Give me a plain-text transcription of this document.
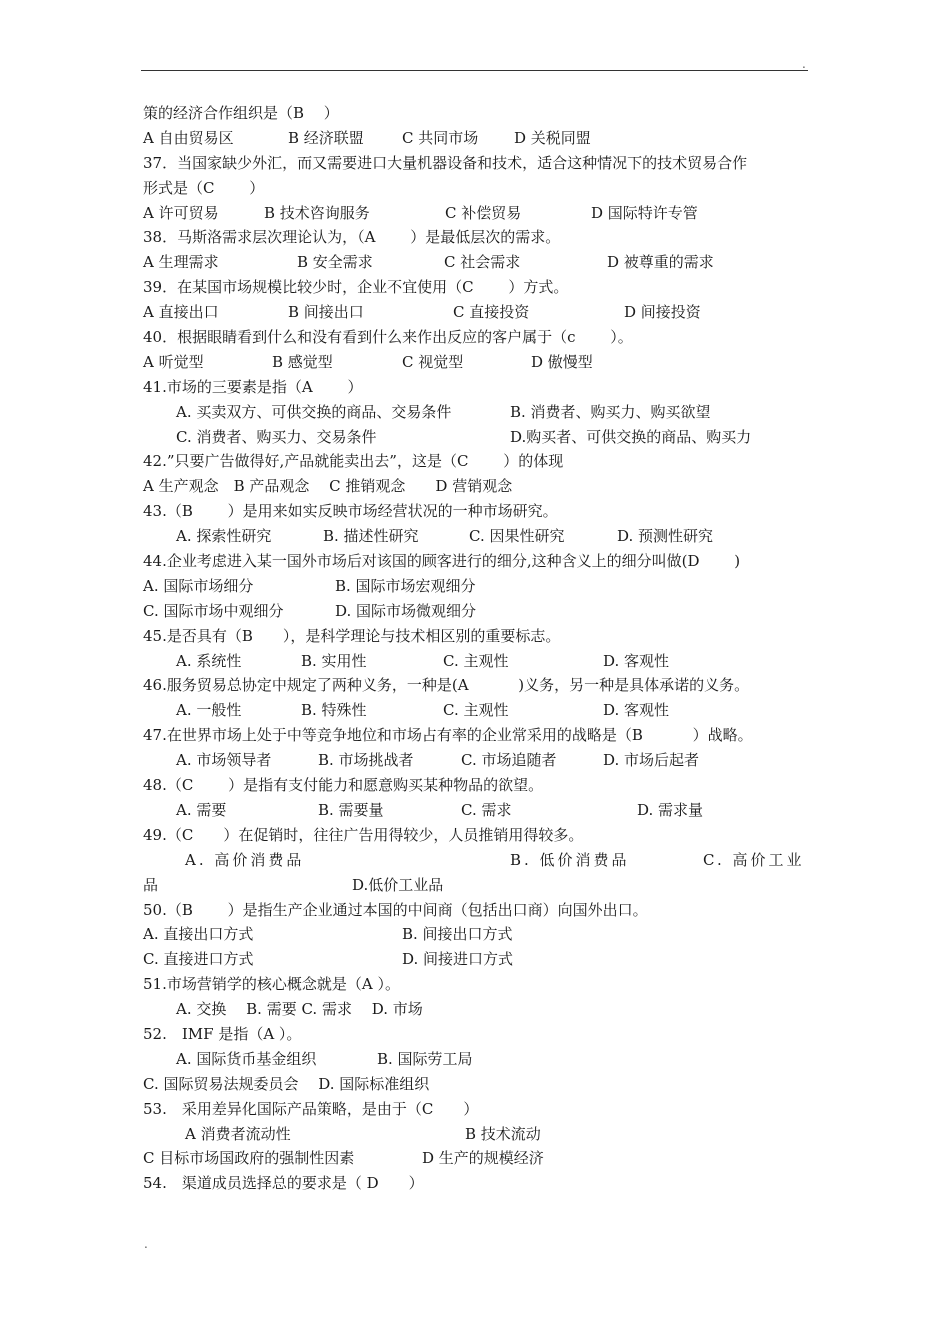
.
策的经济合作组织是（B　 ）
A 自由贸易区	B 经济联盟	C 共同市场 D 关税同盟
37．当国家缺少外汇，而又需要进口大量机器设备和技术，适合这种情况下的技术贸易合作
形式是（C　　 ）
A 许可贸易	B 技术咨询服务	C 补偿贸易	D 国际特许专管
38．马斯洛需求层次理论认为，（A　　 ）是最低层次的需求。
A 生理需求	B 安全需求	C 社会需求	D 被尊重的需求
39．在某国市场规模比较少时，企业不宜使用（C　　 ）方式。
A 直接出口	B 间接出口	C 直接投资	D 间接投资
40．根据眼睛看到什么和没有看到什么来作出反应的客户属于（c　　 ）。
A 听觉型	B 感觉型	C 视觉型	D 傲慢型
41.市场的三要素是指（A　　 ）
A. 买卖双方、可供交换的商品、交易条件	B. 消费者、购买力、购买欲望
C. 消费者、购买力、交易条件	D.购买者、可供交换的商品、购买力
42.”只要广告做得好,产品就能卖出去”，这是（C　　 ）的体现
A 生产观念　B 产品观念　 C 推销观念　　D 营销观念
43.（B　　 ）是用来如实反映市场经营状况的一种市场研究。
A. 探索性研究	B. 描述性研究	C. 因果性研究	D. 预测性研究
44.企业考虑进入某一国外市场后对该国的顾客进行的细分,这种含义上的细分叫做(D　　 )
A. 国际市场细分	B. 国际市场宏观细分
C. 国际市场中观细分	D. 国际市场微观细分
45.是否具有（B　　），是科学理论与技术相区别的重要标志。
A. 系统性	B. 实用性	C. 主观性	D. 客观性
46.服务贸易总协定中规定了两种义务，一种是(A　　　 )义务，另一种是具体承诺的义务。
A. 一般性	B. 特殊性	C. 主观性	D. 客观性
47.在世界市场上处于中等竞争地位和市场占有率的企业常采用的战略是（B　　　 ）战略。
A. 市场领导者	B. 市场挑战者	C. 市场追随者	D. 市场后起者
48.（C　　 ）是指有支付能力和愿意购买某种物品的欲望。
A. 需要	B. 需要量	C. 需求	D. 需求量
49.（C　　）在促销时，往往广告用得较少，人员推销用得较多。
A. 高价消费品	B. 低价消费品	C. 高价工业
品	D.低价工业品
50.（B　　 ）是指生产企业通过本国的中间商（包括出口商）向国外出口。
A. 直接出口方式	B. 间接出口方式
C. 直接进口方式	D. 间接进口方式
51.市场营销学的核心概念就是（A ）。
A. 交换　 B. 需要 C. 需求　 D. 市场
52.　IMF 是指（A ）。
A. 国际货币基金组织	B. 国际劳工局
C. 国际贸易法规委员会　 D. 国际标准组织
53.　采用差异化国际产品策略，是由于（C　　）
A 消费者流动性	B 技术流动
C 目标市场国政府的强制性因素	D 生产的规模经济
54.　渠道成员选择总的要求是（ D　　）
.
